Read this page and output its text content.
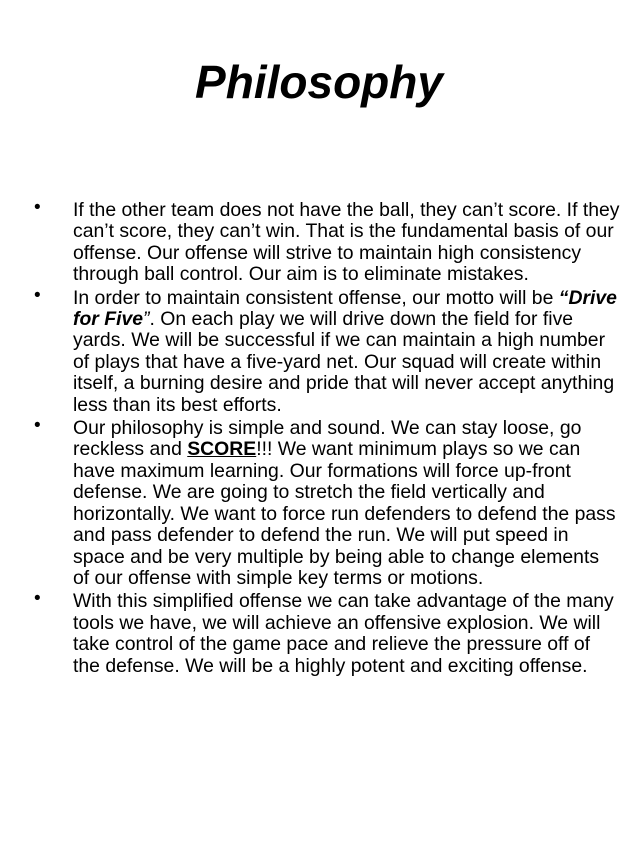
Philosophy
• If the other team does not have the ball, they can’t score. If they can’t score, they can’t win. That is the fundamental basis of our offense. Our offense will strive to maintain high consistency through ball control. Our aim is to eliminate mistakes.
• In order to maintain consistent offense, our motto will be “Drive for Five”. On each play we will drive down the field for five yards. We will be successful if we can maintain a high number of plays that have a five-yard net. Our squad will create within itself, a burning desire and pride that will never accept anything less than its best efforts.
• Our philosophy is simple and sound. We can stay loose, go reckless and SCORE!!! We want minimum plays so we can have maximum learning. Our formations will force up-front defense. We are going to stretch the field vertically and horizontally. We want to force run defenders to defend the pass and pass defender to defend the run. We will put speed in space and be very multiple by being able to change elements of our offense with simple key terms or motions.
• With this simplified offense we can take advantage of the many tools we have, we will achieve an offensive explosion. We will take control of the game pace and relieve the pressure off of the defense. We will be a highly potent and exciting offense.
